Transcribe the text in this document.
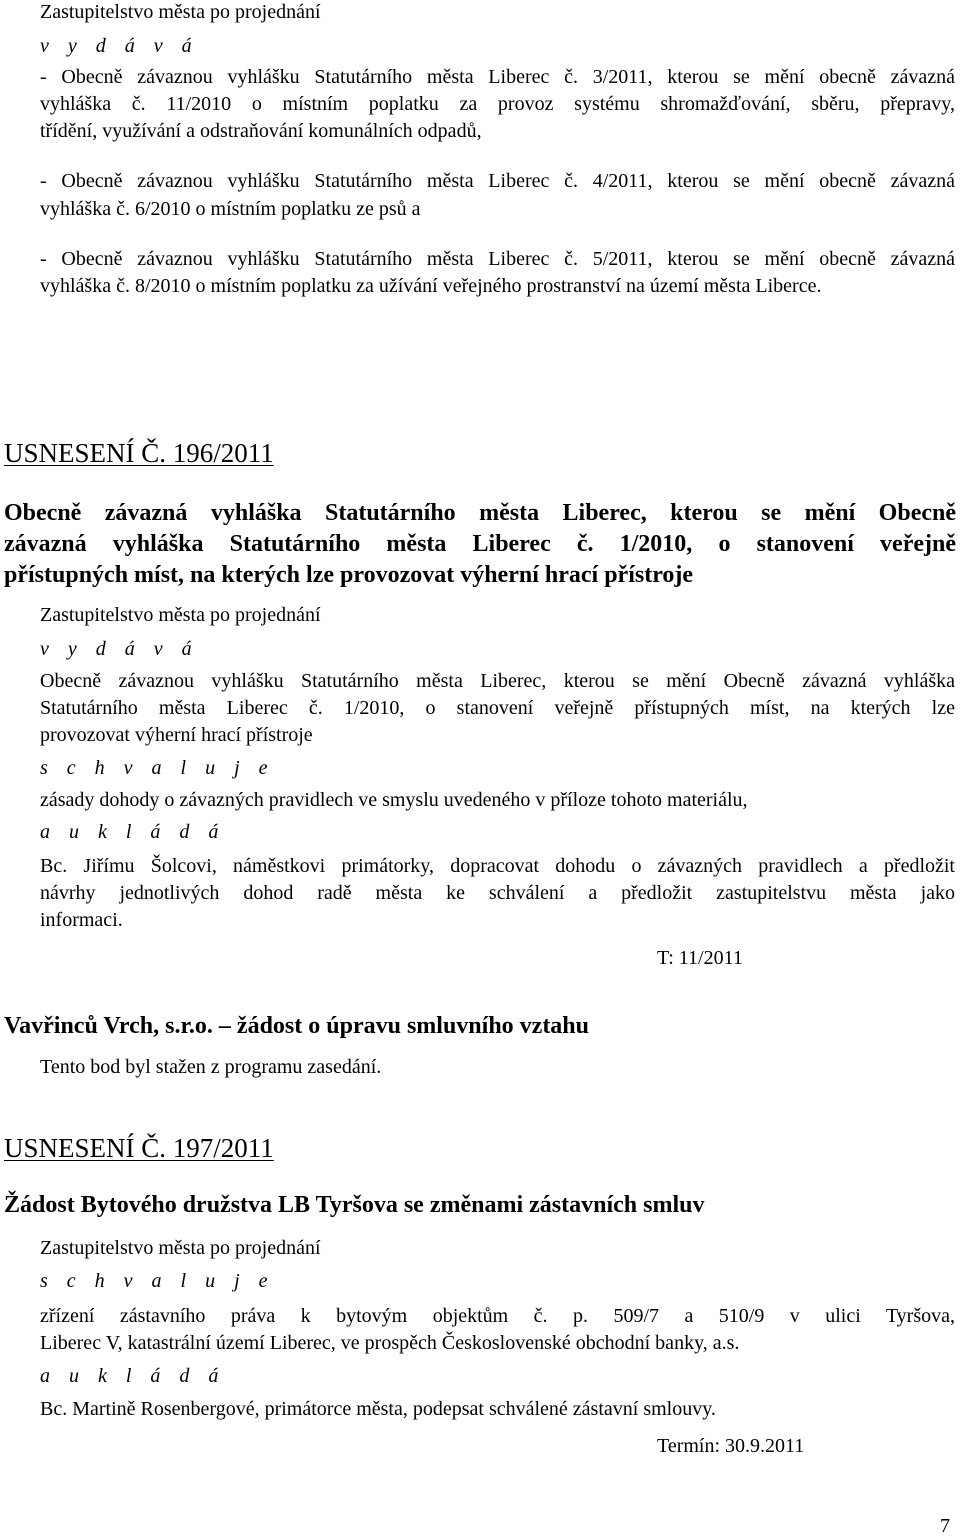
Zastupitelstvo města po projednání
v y d á v á
- Obecně závaznou vyhlášku Statutárního města Liberec č. 3/2011, kterou se mění obecně závazná
vyhláška č. 11/2010 o místním poplatku za provoz systému shromažďování, sběru, přepravy,
třídění, využívání a odstraňování komunálních odpadů,
- Obecně závaznou vyhlášku Statutárního města Liberec č. 4/2011, kterou se mění obecně závazná
vyhláška č. 6/2010 o místním poplatku ze psů a
- Obecně závaznou vyhlášku Statutárního města Liberec č. 5/2011, kterou se mění obecně závazná
vyhláška č. 8/2010 o místním poplatku za užívání veřejného prostranství na území města Liberce.
USNESENÍ Č. 196/2011
Obecně závazná vyhláška Statutárního města Liberec, kterou se mění Obecně
závazná vyhláška Statutárního města Liberec č. 1/2010, o stanovení veřejně
přístupných míst, na kterých lze provozovat výherní hrací přístroje
Zastupitelstvo města po projednání
v y d á v á
Obecně závaznou vyhlášku Statutárního města Liberec, kterou se mění Obecně závazná vyhláška
Statutárního města Liberec č. 1/2010, o stanovení veřejně přístupných míst, na kterých lze
provozovat výherní hrací přístroje
s c h v a l u j e
zásady dohody o závazných pravidlech ve smyslu uvedeného v příloze tohoto materiálu,
a u k l á d á
Bc. Jiřímu Šolcovi, náměstkovi primátorky, dopracovat dohodu o závazných pravidlech a předložit
návrhy jednotlivých dohod radě města ke schválení a předložit zastupitelstvu města jako
informaci.
T: 11/2011
Vavřinců Vrch, s.r.o. – žádost o úpravu smluvního vztahu
Tento bod byl stažen z programu zasedání.
USNESENÍ Č. 197/2011
Žádost Bytového družstva LB Tyršova se změnami zástavních smluv
Zastupitelstvo města po projednání
s c h v a l u j e
zřízení zástavního práva k bytovým objektům č. p. 509/7 a 510/9 v ulici Tyršova,
Liberec V, katastrální území Liberec, ve prospěch Československé obchodní banky, a.s.
a u k l á d á
Bc. Martině Rosenbergové, primátorce města, podepsat schválené zástavní smlouvy.
Termín: 30.9.2011
7
